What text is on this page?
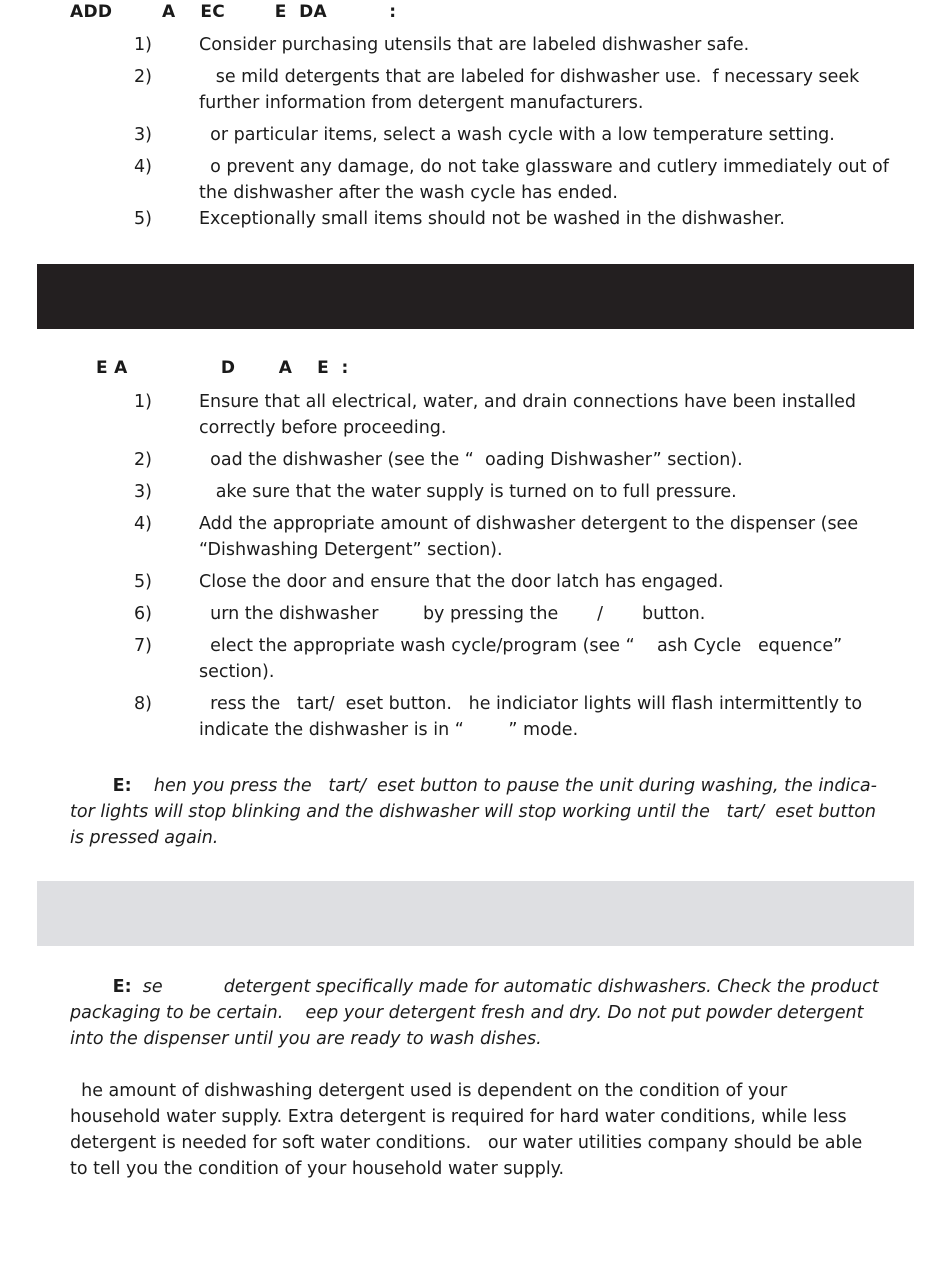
ADD        A    EC        E  DA          :
1)	Consider purchasing utensils that are labeled dishwasher safe.
2)	se mild detergents that are labeled for dishwasher use.  f necessary seek further information from detergent manufacturers.
3)	or particular items, select a wash cycle with a low temperature setting.
4)	o prevent any damage, do not take glassware and cutlery immediately out of the dishwasher after the wash cycle has ended.
5)	Exceptionally small items should not be washed in the dishwasher.
E A               D       A    E  :
1)	Ensure that all electrical, water, and drain connections have been installed correctly before proceeding.
2)	oad the dishwasher (see the “  oading Dishwasher” section).
3)	ake sure that the water supply is turned on to full pressure.
4)	Add the appropriate amount of dishwasher detergent to the dispenser (see “Dishwashing Detergent” section).
5)	Close the door and ensure that the door latch has engaged.
6)	urn the dishwasher        by pressing the       /       button.
7)	elect the appropriate wash cycle/program (see “    ash Cycle   equence” section).
8)	ress the   tart/  eset button.   he indiciator lights will flash intermittently to indicate the dishwasher is in “        ” mode.
E:    hen you press the   tart/  eset button to pause the unit during washing, the indica-tor lights will stop blinking and the dishwasher will stop working until the   tart/  eset button is pressed again.
E:  se           detergent specifically made for automatic dishwashers. Check the product packaging to be certain.    eep your detergent fresh and dry. Do not put powder detergent into the dispenser until you are ready to wash dishes.
he amount of dishwashing detergent used is dependent on the condition of your household water supply. Extra detergent is required for hard water conditions, while less detergent is needed for soft water conditions.   our water utilities company should be able to tell you the condition of your household water supply.
